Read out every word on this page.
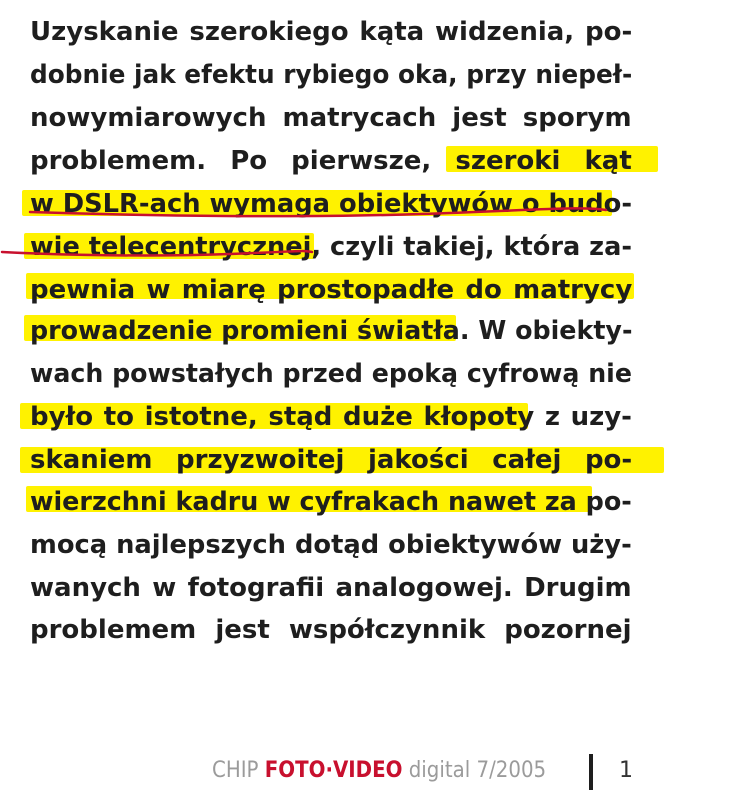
Uzyskanie szerokiego kąta widzenia, po-
dobnie jak efektu rybiego oka, przy niepeł-
nowymiarowych matrycach jest sporym
problemem. Po pierwsze, szeroki kąt
w DSLR-ach wymaga obiektywów o budo-
wie telecentrycznej, czyli takiej, która za-
pewnia w miarę prostopadłe do matrycy
prowadzenie promieni światła. W obiekty-
wach powstałych przed epoką cyfrową nie
było to istotne, stąd duże kłopoty z uzy-
skaniem przyzwoitej jakości całej po-
wierzchni kadru w cyfrakach nawet za po-
mocą najlepszych dotąd obiektywów uży-
wanych w fotografii analogowej. Drugim
problemem jest współczynnik pozornej
CHIP FOTO·VIDEO digital 7/2005	1
